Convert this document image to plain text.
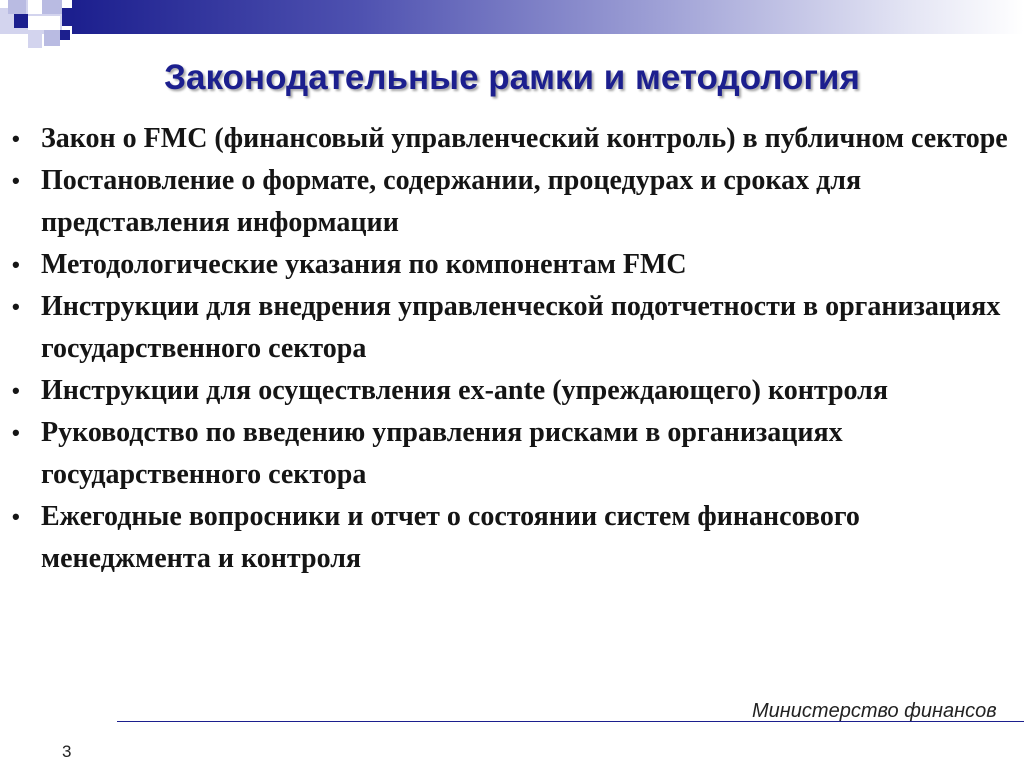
Законодательные рамки и методология
• Закон о FMC (финансовый управленческий контроль) в публичном секторе
• Постановление о формате, содержании, процедурах и сроках для представления информации
• Методологические указания по компонентам FMC
• Инструкции для внедрения управленческой подотчетности в организациях государственного сектора
• Инструкции для осуществления ex-ante (упреждающего) контроля
• Руководство по введению управления рисками в организациях государственного сектора
• Ежегодные вопросники и отчет о состоянии систем финансового менеджмента и контроля
Министерство финансов
3
